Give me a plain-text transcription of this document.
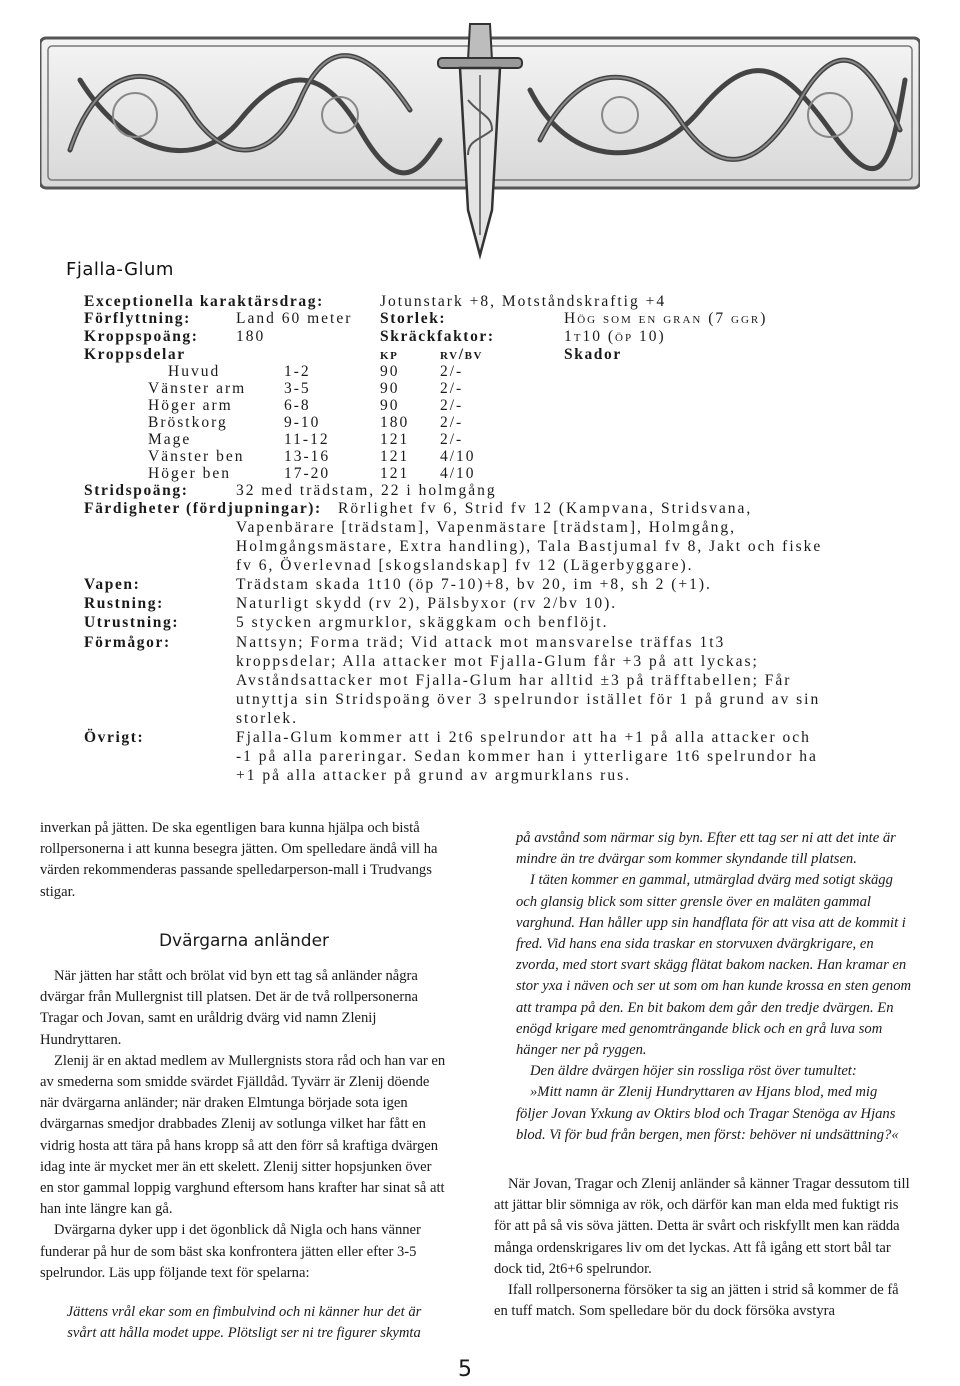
Fjalla-Glum
Exceptionella karaktärsdrag:	Jotunstark +8, Motståndskraftig +4
Förflyttning:	Land 60 meter Storlek:	Hög som en gran (7 ggr)
Kroppspoäng: 180	Skräckfaktor:	1t10 (öp 10)
Kroppsdelar	kp	rv/bv	Skador
Huvud	1-2	90	2/-
Vänster arm 3-5	90	2/-
Höger arm	6-8	90	2/-
Bröstkorg	9-10	180 2/-
Mage	11-12	121 2/-
Vänster ben	13-16	121 4/10
Höger ben	17-20	121 4/10
Stridspoäng:	32 med trädstam, 22 i holmgång
Färdigheter (fördjupningar): Rörlighet fv 6, Strid fv 12 (Kampvana, Stridsvana,
Vapenbärare [trädstam], Vapenmästare [trädstam], Holmgång,
Holmgångsmästare, Extra handling), Tala Bastjumal fv 8, Jakt och fiske
fv 6, Överlevnad [skogslandskap] fv 12 (Lägerbyggare).
Vapen:	Trädstam skada 1t10 (öp 7-10)+8, bv 20, im +8, sh 2 (+1).
Rustning:	Naturligt skydd (rv 2), Pälsbyxor (rv 2/bv 10).
Utrustning:	5 stycken argmurklor, skäggkam och benflöjt.
Förmågor:	Nattsyn; Forma träd; Vid attack mot mansvarelse träffas 1t3
kroppsdelar; Alla attacker mot Fjalla-Glum får +3 på att lyckas;
Avståndsattacker mot Fjalla-Glum har alltid ±3 på träfftabellen; Får
utnyttja sin Stridspoäng över 3 spelrundor istället för 1 på grund av sin
storlek.
Övrigt:	Fjalla-Glum kommer att i 2t6 spelrundor att ha +1 på alla attacker och
-1 på alla pareringar. Sedan kommer han i ytterligare 1t6 spelrundor ha
+1 på alla attacker på grund av argmurklans rus.

inverkan på jätten. De ska egentligen bara kunna hjälpa och bistå rollpersonerna i att kunna besegra jätten. Om spelledare ändå vill ha värden rekommenderas passande spelledarperson-mall i Trudvangs stigar.

Dvärgarna anländer

När jätten har stått och brölat vid byn ett tag så anländer några dvärgar från Mullergnist till platsen. Det är de två rollpersonerna Tragar och Jovan, samt en uråldrig dvärg vid namn Zlenij Hundryttaren.

Zlenij är en aktad medlem av Mullergnists stora råd och han var en av smederna som smidde svärdet Fjälldåd. Tyvärr är Zlenij döende när dvärgarna anländer; när draken Elmtunga började sota igen dvärgarnas smedjor drabbades Zlenij av sotlunga vilket har fått en vidrig hosta att tära på hans kropp så att den förr så kraftiga dvärgen idag inte är mycket mer än ett skelett. Zlenij sitter hopsjunken över en stor gammal loppig varghund eftersom hans krafter har sinat så att han inte längre kan gå.

Dvärgarna dyker upp i det ögonblick då Nigla och hans vänner funderar på hur de som bäst ska konfrontera jätten eller efter 3-5 spelrundor. Läs upp följande text för spelarna:

Jättens vrål ekar som en fimbulvind och ni känner hur det är svårt att hålla modet uppe. Plötsligt ser ni tre figurer skymta

på avstånd som närmar sig byn. Efter ett tag ser ni att det inte är mindre än tre dvärgar som kommer skyndande till platsen.

I täten kommer en gammal, utmärglad dvärg med sotigt skägg och glansig blick som sitter grensle över en maläten gammal varghund. Han håller upp sin handflata för att visa att de kommit i fred. Vid hans ena sida traskar en storvuxen dvärgkrigare, en zvorda, med stort svart skägg flätat bakom nacken. Han kramar en stor yxa i näven och ser ut som om han kunde krossa en sten genom att trampa på den. En bit bakom dem går den tredje dvärgen. En enögd krigare med genomträngande blick och en grå luva som hänger ner på ryggen.

Den äldre dvärgen höjer sin rossliga röst över tumultet:

»Mitt namn är Zlenij Hundryttaren av Hjans blod, med mig följer Jovan Yxkung av Oktirs blod och Tragar Stenöga av Hjans blod. Vi för bud från bergen, men först: behöver ni undsättning?«

När Jovan, Tragar och Zlenij anländer så känner Tragar dessutom till att jättar blir sömniga av rök, och därför kan man elda med fuktigt ris för att på så vis söva jätten. Detta är svårt och riskfyllt men kan rädda många ordenskrigares liv om det lyckas. Att få igång ett stort bål tar dock tid, 2t6+6 spelrundor.

Ifall rollpersonerna försöker ta sig an jätten i strid så kommer de få en tuff match. Som spelledare bör du dock försöka avstyra

5
